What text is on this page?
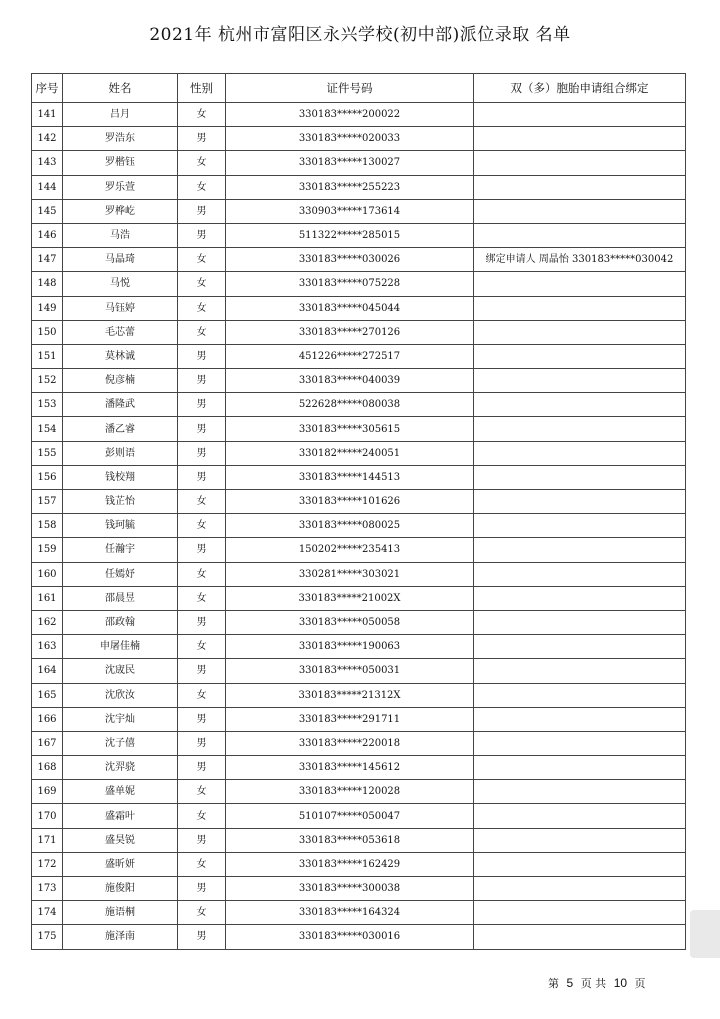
2021年 杭州市富阳区永兴学校(初中部)派位录取 名单
序号	姓名	性别	证件号码	双（多）胞胎申请组合绑定
141	吕月	女	330183*****200022	
142	罗浩东	男	330183*****020033	
143	罗楷钰	女	330183*****130027	
144	罗乐萱	女	330183*****255223	
145	罗桦屹	男	330903*****173614	
146	马浩	男	511322*****285015	
147	马晶琦	女	330183*****030026	绑定申请人 周晶怡 330183*****030042
148	马悦	女	330183*****075228	
149	马钰婷	女	330183*****045044	
150	毛芯蕾	女	330183*****270126	
151	莫林诚	男	451226*****272517	
152	倪彦楠	男	330183*****040039	
153	潘隆武	男	522628*****080038	
154	潘乙睿	男	330183*****305615	
155	彭则语	男	330182*****240051	
156	钱校翔	男	330183*****144513	
157	钱芷怡	女	330183*****101626	
158	钱珂毓	女	330183*****080025	
159	任瀚宇	男	150202*****235413	
160	任嫣妤	女	330281*****303021	
161	邵晨昱	女	330183*****21002X	
162	邵政翰	男	330183*****050058	
163	申屠佳楠	女	330183*****190063	
164	沈宬民	男	330183*****050031	
165	沈欣汝	女	330183*****21312X	
166	沈宇灿	男	330183*****291711	
167	沈子僖	男	330183*****220018	
168	沈羿骁	男	330183*****145612	
169	盛单妮	女	330183*****120028	
170	盛霜叶	女	510107*****050047	
171	盛昊锐	男	330183*****053618	
172	盛昕妍	女	330183*****162429	
173	施俊阳	男	330183*****300038	
174	施语桐	女	330183*****164324	
175	施泽南	男	330183*****030016	
第 5 页 共 10 页
